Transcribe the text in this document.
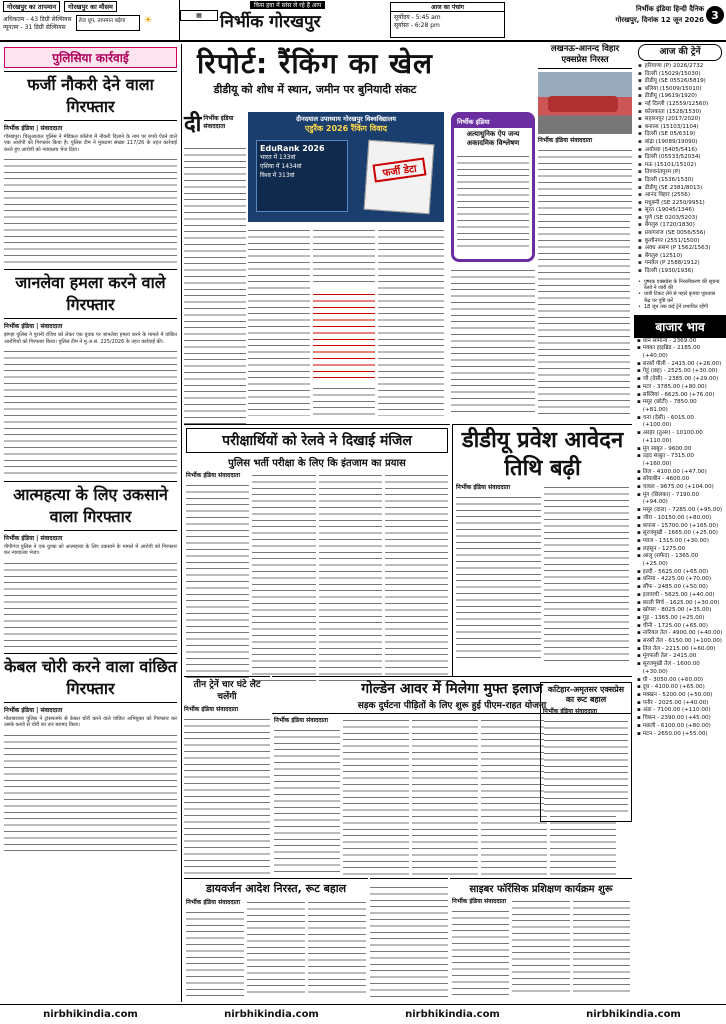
गोरखपुर का तापमान	गोरखपुर का मौसम
अधिकतम - 43 डिग्री सेल्सियस
न्यूनतम - 31 डिग्री सेल्सियस
तेज धूप, तापमान बढ़ेगा	☀
किस हवा में सांस ले रहे हैं आप
▦	निर्भीक गोरखपुर
आज का पंचांग
सूर्योदय - 5:45 am
सूर्यास्त - 6:28 pm
निर्भीक इंडिया हिन्दी दैनिक
गोरखपुर, दिनांक 12 जून 2026 3
पुलिसिया कार्रवाई
फर्जी नौकरी देने वाला गिरफ्तार
निर्भीक इंडिया | संवाददाता
गोरखपुर। चिलुआताल पुलिस ने मेडिकल कॉलेज में नौकरी दिलाने के नाम पर रुपये ऐंठने वाले एक आरोपी को गिरफ्तार किया है। पुलिस टीम ने मुकदमा संख्या 117/26 के तहत कार्रवाई करते हुए आरोपी को न्यायालय भेज दिया।
जानलेवा हमला करने वाले गिरफ्तार
निर्भीक इंडिया | संवाददाता
झंगहा पुलिस ने पुरानी रंजिश को लेकर एक युवक पर जानलेवा हमला करने के मामले में वांछित आरोपियों को गिरफ्तार किया। पुलिस टीम ने मु.अ.सं. 225/2026 के तहत कार्रवाई की।
आत्महत्या के लिए उकसाने वाला गिरफ्तार
निर्भीक इंडिया | संवाददाता
पीपीगंज पुलिस ने एक युवक को आत्महत्या के लिए उकसाने के मामले में आरोपी को गिरफ्तार कर न्यायालय भेजा।
केबल चोरी करने वाला वांछित गिरफ्तार
निर्भीक इंडिया | संवाददाता
गोलाबाजार पुलिस ने ट्रांसफार्मर से केबल चोरी करने वाले वांछित अभियुक्त को गिरफ्तार कर उसके कब्जे से चोरी का तार बरामद किया।
रिपोर्ट: रैंकिंग का खेल
डीडीयू को शोध में स्थान, जमीन पर बुनियादी संकट
दी निर्भीक इंडिया संवाददाता
दीनदयाल उपाध्याय गोरखपुर विश्वविद्यालय
एडुरैंक 2026 रैंकिंग विवाद
EduRank 2026
भारत में 133वां
एशिया में 1434वां
विश्व में 313वां	फर्जी डेटा
निर्भीक इंडिया
अत्याधुनिक ऐप जन्य अकादमिक विश्लेषण
लखनऊ-आनन्द विहार एक्सप्रेस निरस्त
निर्भीक इंडिया संवाददाता
आज की ट्रेनें
▪ हरियाणा (P) 2026/2732
▪ दिल्ली (15029/15030)
▪ डीडीयू (SE 05526/5819)
▪ बलिया (15009/15010)
▪ डीडीयू (19619/1920)
▪ नई दिल्ली (12559/12560)
▪ कोलकाता (1528/1530)
▪ सहारनपुर (2017/2020)
▪ बनारस (15103/1104)
▪ दिल्ली (SE 05/6319)
▪ बांद्रा (19089/19090)
▪ अयोध्या (5405/5416)
▪ दिल्ली (05533/52034)
▪ मऊ (15101/15102)
▪ तिरुवनंतपुरम (P)
▪ दिल्ली (1536/1530)
▪ डीडीयू (SE 2381/8013)
▪ आनंद विहार (2556)
▪ मधुबनी (SE 2250/9951)
▪ सूरत (19045/1346)
▪ पुणे (SE 0203/5203)
▪ बेंगलुरु (1720/1830)
▪ प्रयागराज (SE 0056/556)
▪ कुशीनगर (2551/1500)
▪ अवध असम (P 1562/1563)
▪ बेंगलुरु (12510)
▪ पनवेल (P 2588/1912)
▪ दिल्ली (1930/1936)
• पुष्पक एक्सप्रेस के निरस्तीकरण की सूचना रेलवे ने जारी की
• यात्री टिकट लेने से पहले कृपया पूछताछ केंद्र पर पुष्टि करें
• 18 जून तक कई ट्रेनें प्रभावित रहेंगी
बाजार भाव
▪ धान सामान्य - 2369.00
▪ मक्का हाइब्रिड - 2185.00 (+40.00)
▪ सरसों पीली - 2415.00 (+26.00)
▪ गेहूं (छह) - 2525.00 (+30.00)
▪ जौ (देसी) - 2385.00 (+29.00)
▪ मटर - 3785.00 (+80.00)
▪ सब्जियां - 6625.00 (+76.00)
▪ मसूर (छोटी) - 7850.00 (+81.00)
▪ चना (देसी) - 6015.00 (+100.00)
▪ अरहर (तुअर) - 10100.00 (+110.00)
▪ मूंग साबुत - 9600.00
▪ उड़द साबुत - 7315.00 (+160.00)
▪ तिल - 4100.00 (+47.00)
▪ सोयाबीन - 4600.00
▪ चावल - 9675.00 (+104.00)
▪ मूंग (छिलका) - 7190.00 (+94.00)
▪ मसूर (दाल) - 7285.00 (+95.00)
▪ जीरा - 10150.00 (+80.00)
▪ कपास - 15700.00 (+165.00)
▪ सूरजमुखी - 1665.00 (+25.00)
▪ प्याज - 1315.00 (+30.00)
▪ लहसुन - 1275.00
▪ आलू (सफेद) - 1365.00 (+25.00)
▪ हल्दी - 5625.00 (+65.00)
▪ धनिया - 4225.00 (+70.00)
▪ सौंफ - 2485.00 (+50.00)
▪ इलायची - 5625.00 (+40.00)
▪ काली मिर्च - 1625.00 (+30.00)
▪ खोपरा - 8025.00 (+35.00)
▪ गुड़ - 1365.00 (+25.00)
▪ चीनी - 1725.00 (+65.00)
▪ नारियल तेल - 4900.00 (+40.00)
▪ सरसों तेल - 6150.00 (+100.00)
▪ तिल तेल - 2215.00 (+60.00)
▪ मूंगफली तेल - 2415.00
▪ सूरजमुखी तेल - 1600.00 (+30.00)
▪ घी - 3050.00 (+60.00)
▪ दूध - 4100.00 (+65.00)
▪ मक्खन - 5200.00 (+50.00)
▪ पनीर - 2025.00 (+40.00)
▪ अंडा - 7100.00 (+110.00)
▪ चिकन - 2390.00 (+45.00)
▪ मछली - 6100.00 (+80.00)
▪ मटन - 2650.00 (+55.00)
परीक्षार्थियों को रेलवे ने दिखाई मंजिल
पुलिस भर्ती परीक्षा के लिए कि इंतजाम का प्रयास
निर्भीक इंडिया संवाददाता
डीडीयू प्रवेश आवेदन तिथि बढ़ी
निर्भीक इंडिया संवाददाता
तीन ट्रेनें चार घंटे लेट चलेंगी
निर्भीक इंडिया संवाददाता
गोल्डेन आवर में मिलेगा मुफ्त इलाज
सड़क दुर्घटना पीड़ितों के लिए शुरू हुई पीएम-राहत योजना
निर्भीक इंडिया संवाददाता
कटिहार-अमृतसर एक्सप्रेस का रूट बहाल
निर्भीक इंडिया संवाददाता
डायवर्जन आदेश निरस्त, रूट बहाल
निर्भीक इंडिया संवाददाता
साइबर फॉरेंसिक प्रशिक्षण कार्यक्रम शुरू
निर्भीक इंडिया संवाददाता
nirbhikindia.com	nirbhikindia.com	nirbhikindia.com	nirbhikindia.com
